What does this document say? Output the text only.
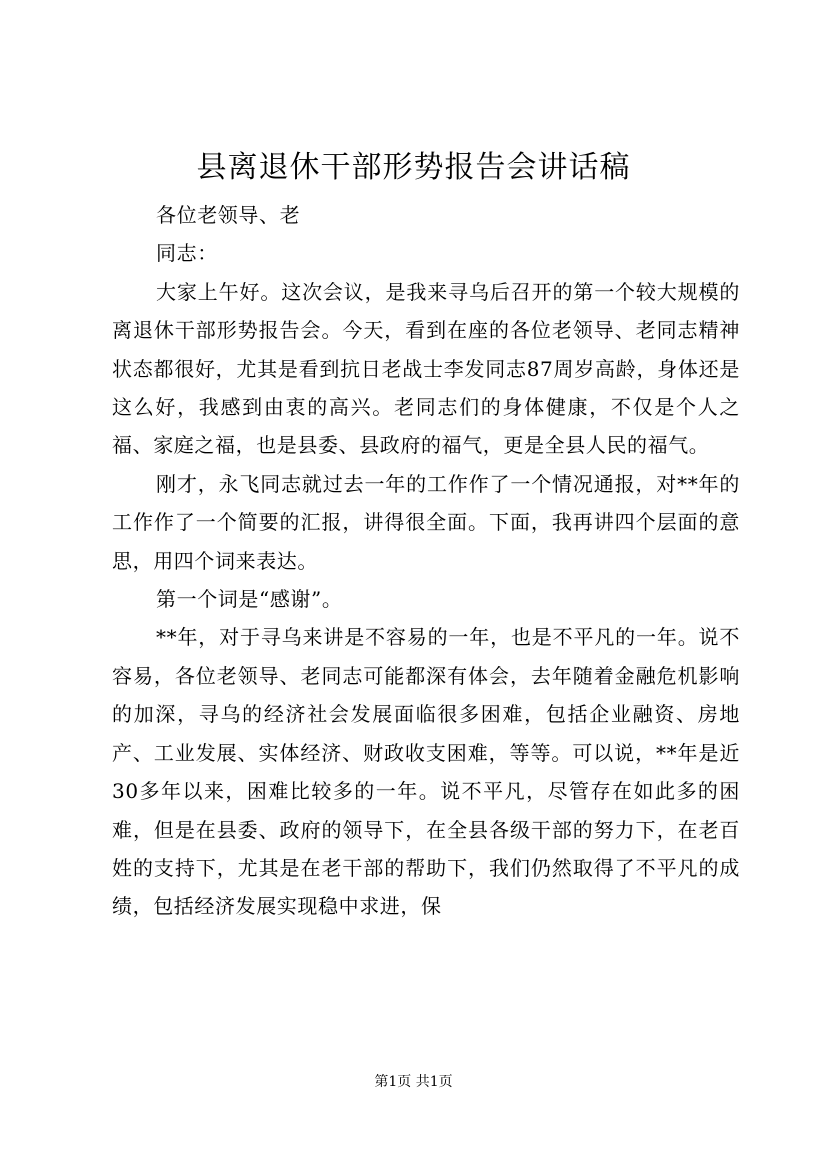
县离退休干部形势报告会讲话稿

各位老领导、老

同志：

大家上午好。这次会议，是我来寻乌后召开的第一个较大规模的离退休干部形势报告会。今天，看到在座的各位老领导、老同志精神状态都很好，尤其是看到抗日老战士李发同志87周岁高龄，身体还是这么好，我感到由衷的高兴。老同志们的身体健康，不仅是个人之福、家庭之福，也是县委、县政府的福气，更是全县人民的福气。

刚才，永飞同志就过去一年的工作作了一个情况通报，对**年的工作作了一个简要的汇报，讲得很全面。下面，我再讲四个层面的意思，用四个词来表达。

第一个词是“感谢”。

**年，对于寻乌来讲是不容易的一年，也是不平凡的一年。说不容易，各位老领导、老同志可能都深有体会，去年随着金融危机影响的加深，寻乌的经济社会发展面临很多困难，包括企业融资、房地产、工业发展、实体经济、财政收支困难，等等。可以说，**年是近30多年以来，困难比较多的一年。说不平凡，尽管存在如此多的困难，但是在县委、政府的领导下，在全县各级干部的努力下，在老百姓的支持下，尤其是在老干部的帮助下，我们仍然取得了不平凡的成绩，包括经济发展实现稳中求进，保

第1页 共1页
